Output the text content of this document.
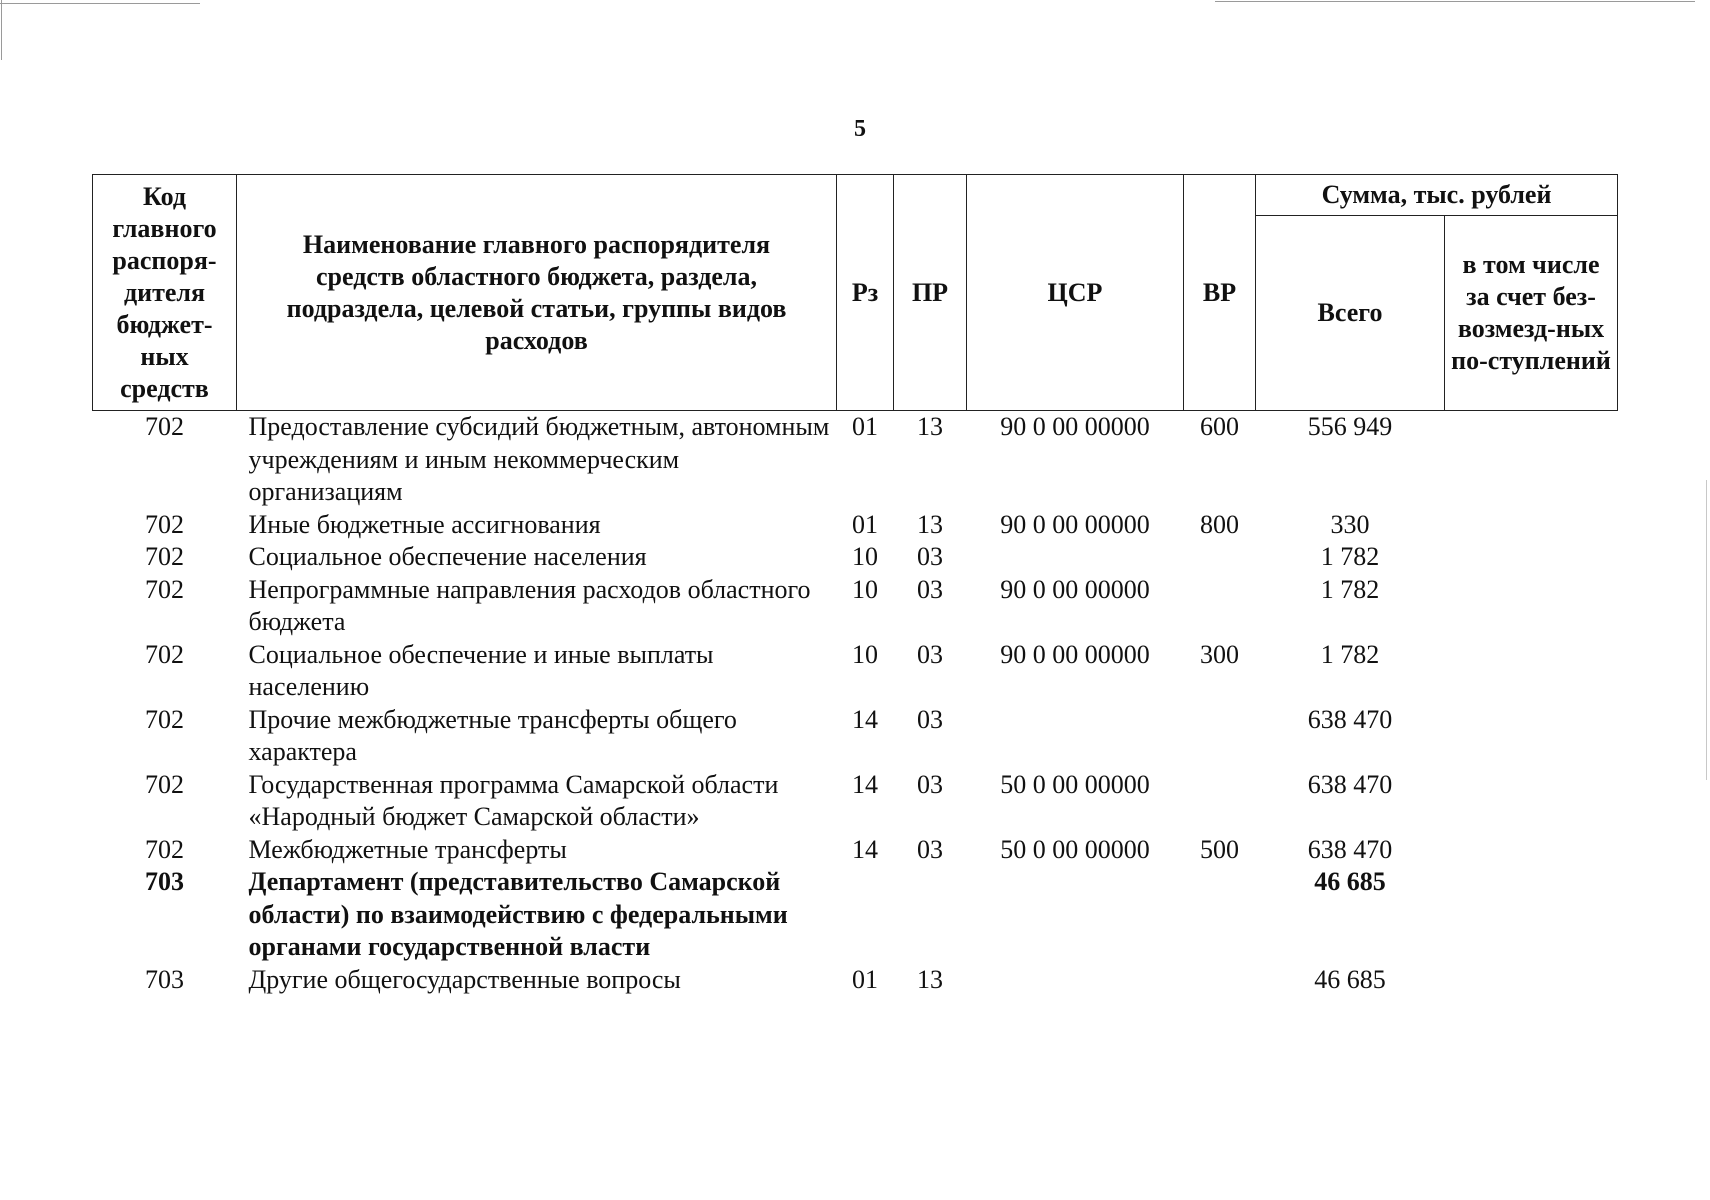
5
Код главного распоря-дителя бюджет-ных средств	Наименование главного распорядителя средств областного бюджета, раздела, подраздела, целевой статьи, группы видов расходов	Рз	ПР	ЦСР	ВР	Сумма, тыс. рублей	
						Всего	в том числе за счет без-возмезд-ных по-ступлений
702	Предоставление субсидий бюджетным, автономным учреждениям и иным некоммерческим организациям	01	13	90 0 00 00000	600	556 949	
702	Иные бюджетные ассигнования	01	13	90 0 00 00000	800	330	
702	Социальное обеспечение населения	10	03			1 782	
702	Непрограммные направления расходов областного бюджета	10	03	90 0 00 00000		1 782	
702	Социальное обеспечение и иные выплаты населению	10	03	90 0 00 00000	300	1 782	
702	Прочие межбюджетные трансферты общего характера	14	03			638 470	
702	Государственная программа Самарской области «Народный бюджет Самарской области»	14	03	50 0 00 00000		638 470	
702	Межбюджетные трансферты	14	03	50 0 00 00000	500	638 470	
703	Департамент (представительство Самарской области) по взаимодействию с федеральными органами государственной власти					46 685	
703	Другие общегосударственные вопросы	01	13			46 685	
